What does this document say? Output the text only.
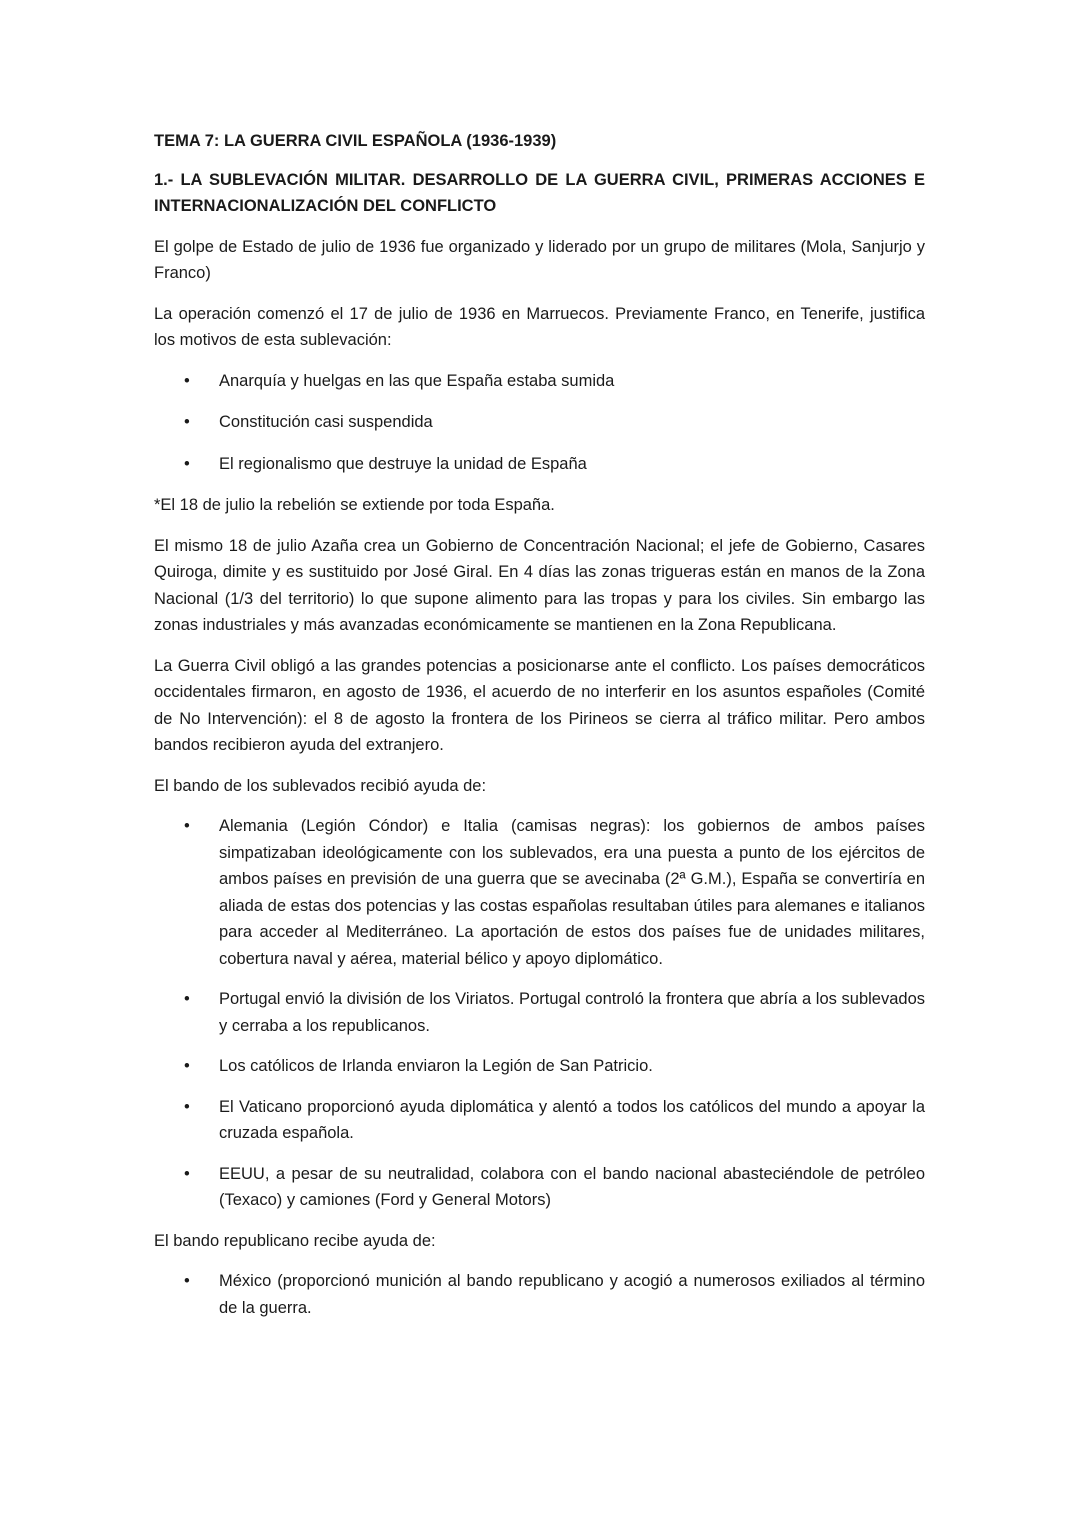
TEMA 7: LA GUERRA CIVIL ESPAÑOLA (1936-1939)
1.- LA SUBLEVACIÓN MILITAR. DESARROLLO DE LA GUERRA CIVIL, PRIMERAS ACCIONES E INTERNACIONALIZACIÓN DEL CONFLICTO

El golpe de Estado de julio de 1936 fue organizado y liderado por un grupo de militares (Mola, Sanjurjo y Franco)

La operación comenzó el 17 de julio de 1936 en Marruecos. Previamente Franco, en Tenerife, justifica los motivos de esta sublevación:

• Anarquía y huelgas en las que España estaba sumida
• Constitución casi suspendida
• El regionalismo que destruye la unidad de España

*El 18 de julio la rebelión se extiende por toda España.

El mismo 18 de julio Azaña crea un Gobierno de Concentración Nacional; el jefe de Gobierno, Casares Quiroga, dimite y es sustituido por José Giral. En 4 días las zonas trigueras están en manos de la Zona Nacional (1/3 del territorio) lo que supone alimento para las tropas y para los civiles. Sin embargo las zonas industriales y más avanzadas económicamente se mantienen en la Zona Republicana.

La Guerra Civil obligó a las grandes potencias a posicionarse ante el conflicto. Los países democráticos occidentales firmaron, en agosto de 1936, el acuerdo de no interferir en los asuntos españoles (Comité de No Intervención): el 8 de agosto la frontera de los Pirineos se cierra al tráfico militar. Pero ambos bandos recibieron ayuda del extranjero.

El bando de los sublevados recibió ayuda de:

• Alemania (Legión Cóndor) e Italia (camisas negras): los gobiernos de ambos países simpatizaban ideológicamente con los sublevados, era una puesta a punto de los ejércitos de ambos países en previsión de una guerra que se avecinaba (2ª G.M.), España se convertiría en aliada de estas dos potencias y las costas españolas resultaban útiles para alemanes e italianos para acceder al Mediterráneo. La aportación de estos dos países fue de unidades militares, cobertura naval y aérea, material bélico y apoyo diplomático.
• Portugal envió la división de los Viriatos. Portugal controló la frontera que abría a los sublevados y cerraba a los republicanos.
• Los católicos de Irlanda enviaron la Legión de San Patricio.
• El Vaticano proporcionó ayuda diplomática y alentó a todos los católicos del mundo a apoyar la cruzada española.
• EEUU, a pesar de su neutralidad, colabora con el bando nacional abasteciéndole de petróleo (Texaco) y camiones (Ford y General Motors)

El bando republicano recibe ayuda de:

• México (proporcionó munición al bando republicano y acogió a numerosos exiliados al término de la guerra.
